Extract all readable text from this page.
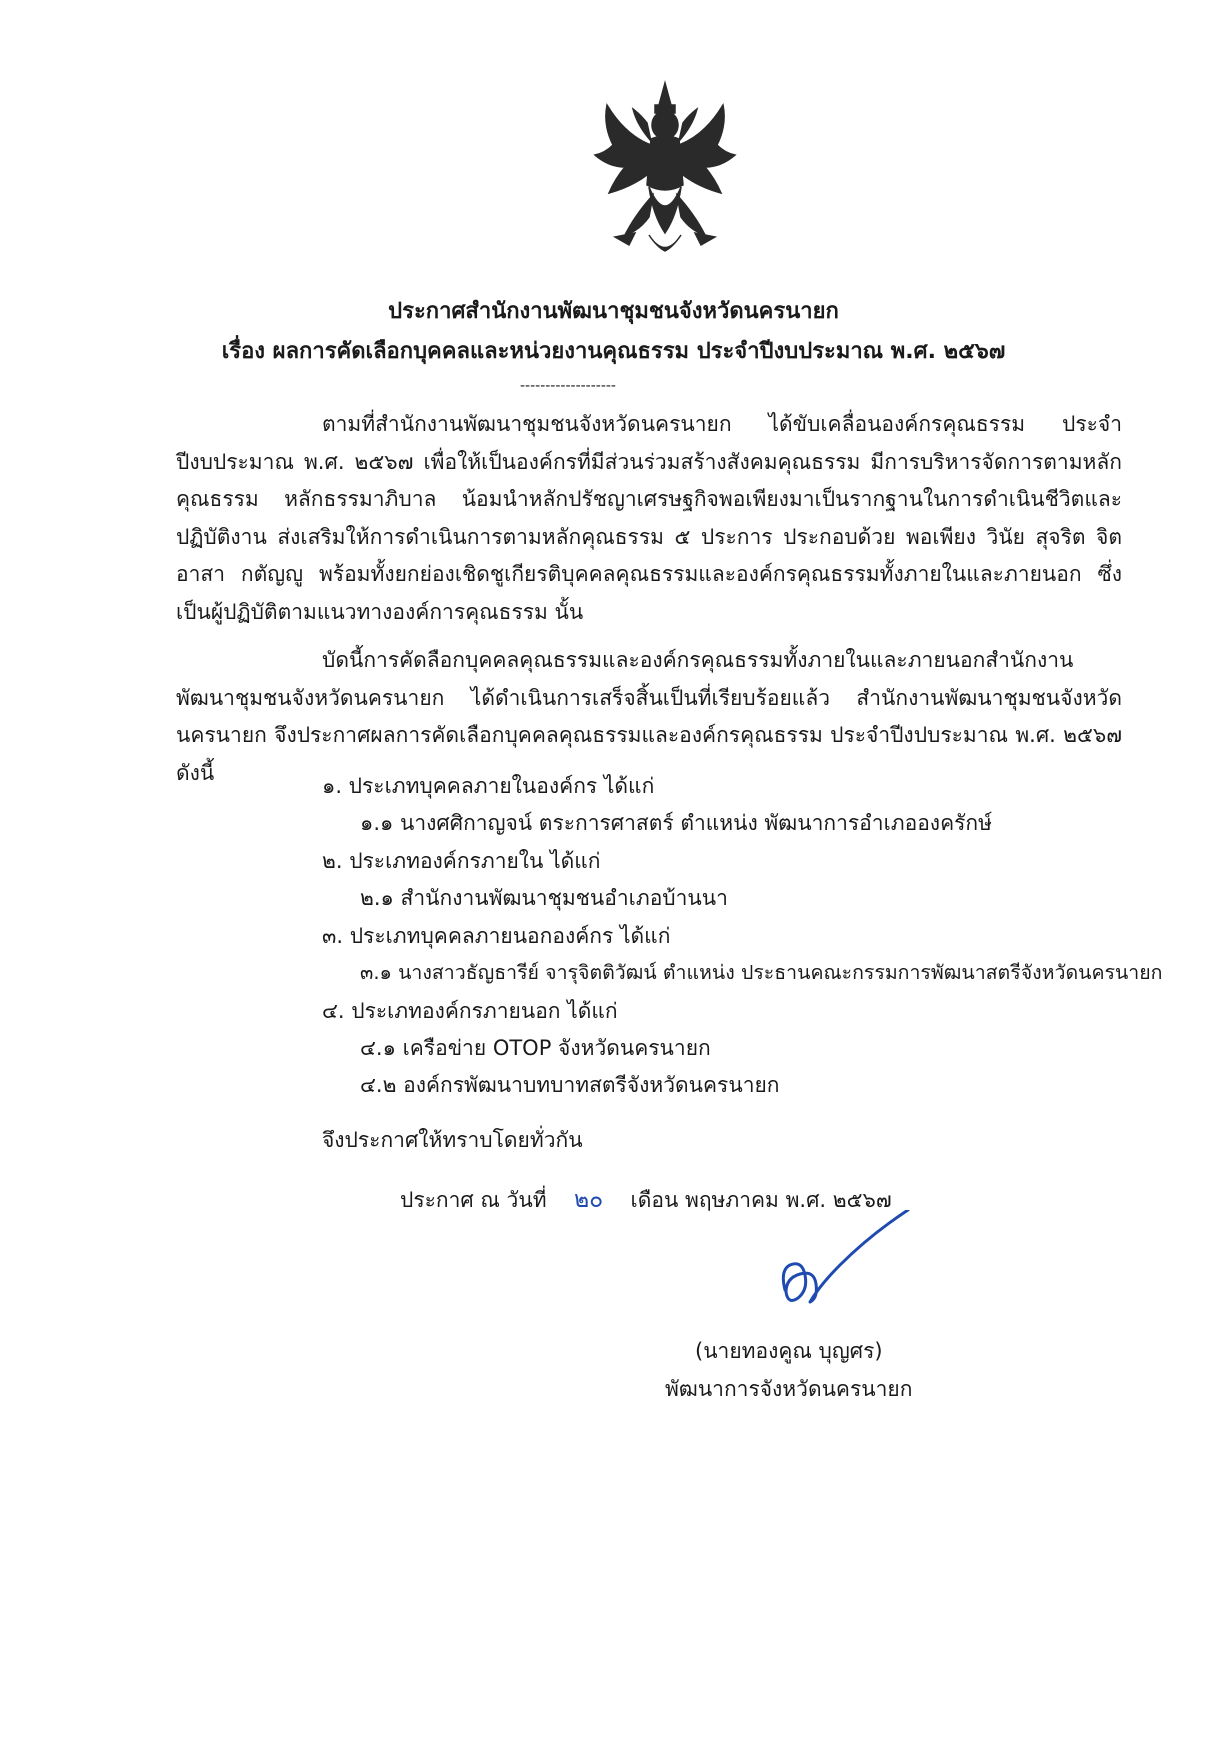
ประกาศสำนักงานพัฒนาชุมชนจังหวัดนครนายก
เรื่อง ผลการคัดเลือกบุคคลและหน่วยงานคุณธรรม ประจำปีงบประมาณ พ.ศ. ๒๕๖๗
-------------------
ตามที่สำนักงานพัฒนาชุมชนจังหวัดนครนายก ได้ขับเคลื่อนองค์กรคุณธรรม ประจำปีงบประมาณ พ.ศ. ๒๕๖๗ เพื่อให้เป็นองค์กรที่มีส่วนร่วมสร้างสังคมคุณธรรม มีการบริหารจัดการตามหลักคุณธรรม หลักธรรมาภิบาล น้อมนำหลักปรัชญาเศรษฐกิจพอเพียงมาเป็นรากฐานในการดำเนินชีวิตและปฏิบัติงาน ส่งเสริมให้การดำเนินการตามหลักคุณธรรม ๕ ประการ ประกอบด้วย พอเพียง วินัย สุจริต จิตอาสา กตัญญู พร้อมทั้งยกย่องเชิดชูเกียรติบุคคลคุณธรรมและองค์กรคุณธรรมทั้งภายในและภายนอก ซึ่งเป็นผู้ปฏิบัติตามแนวทางองค์การคุณธรรม นั้น
บัดนี้การคัดลือกบุคคลคุณธรรมและองค์กรคุณธรรมทั้งภายในและภายนอกสำนักงานพัฒนาชุมชนจังหวัดนครนายก ได้ดำเนินการเสร็จสิ้นเป็นที่เรียบร้อยแล้ว สำนักงานพัฒนาชุมชนจังหวัดนครนายก จึงประกาศผลการคัดเลือกบุคคลคุณธรรมและองค์กรคุณธรรม ประจำปีงปบระมาณ พ.ศ. ๒๕๖๗ ดังนี้
๑. ประเภทบุคคลภายในองค์กร ได้แก่
๑.๑ นางศศิกาญจน์ ตระการศาสตร์ ตำแหน่ง พัฒนาการอำเภอองครักษ์
๒. ประเภทองค์กรภายใน ได้แก่
๒.๑ สำนักงานพัฒนาชุมชนอำเภอบ้านนา
๓. ประเภทบุคคลภายนอกองค์กร ได้แก่
๓.๑ นางสาวธัญธารีย์ จารุจิตติวัฒน์ ตำแหน่ง ประธานคณะกรรมการพัฒนาสตรีจังหวัดนครนายก
๔. ประเภทองค์กรภายนอก ได้แก่
๔.๑ เครือข่าย OTOP จังหวัดนครนายก
๔.๒ องค์กรพัฒนาบทบาทสตรีจังหวัดนครนายก
จึงประกาศให้ทราบโดยทั่วกัน
ประกาศ ณ วันที่ ๒๐ เดือน พฤษภาคม พ.ศ. ๒๕๖๗
(นายทองคูณ บุญศร)
พัฒนาการจังหวัดนครนายก
